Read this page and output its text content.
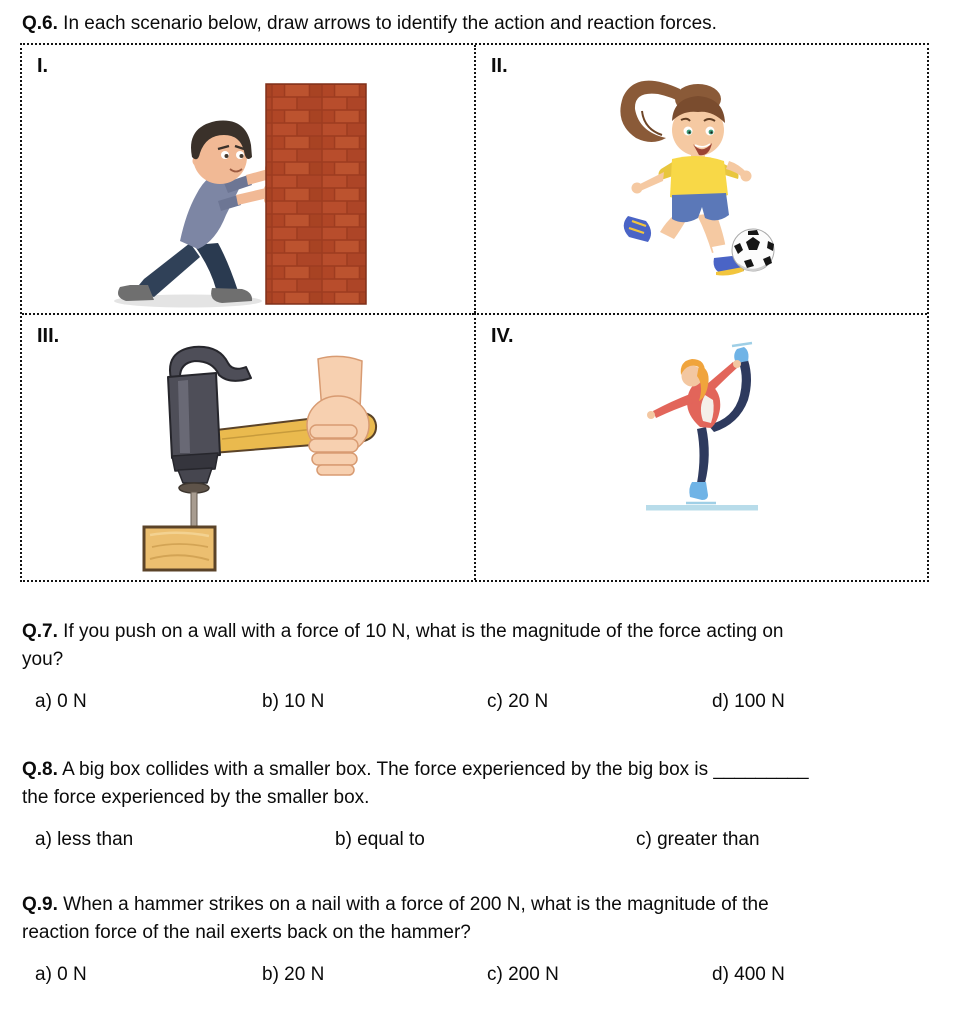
Q.6. In each scenario below, draw arrows to identify the action and reaction forces.
I.	II.
III.	IV.
Q.7. If you push on a wall with a force of 10 N, what is the magnitude of the force acting on
you?
a) 0 N	b) 10 N	c) 20 N	d) 100 N
Q.8. A big box collides with a smaller box. The force experienced by the big box is _________
the force experienced by the smaller box.
a) less than	b) equal to	c) greater than
Q.9. When a hammer strikes on a nail with a force of 200 N, what is the magnitude of the
reaction force of the nail exerts back on the hammer?
a) 0 N	b) 20 N	c) 200 N	d) 400 N
